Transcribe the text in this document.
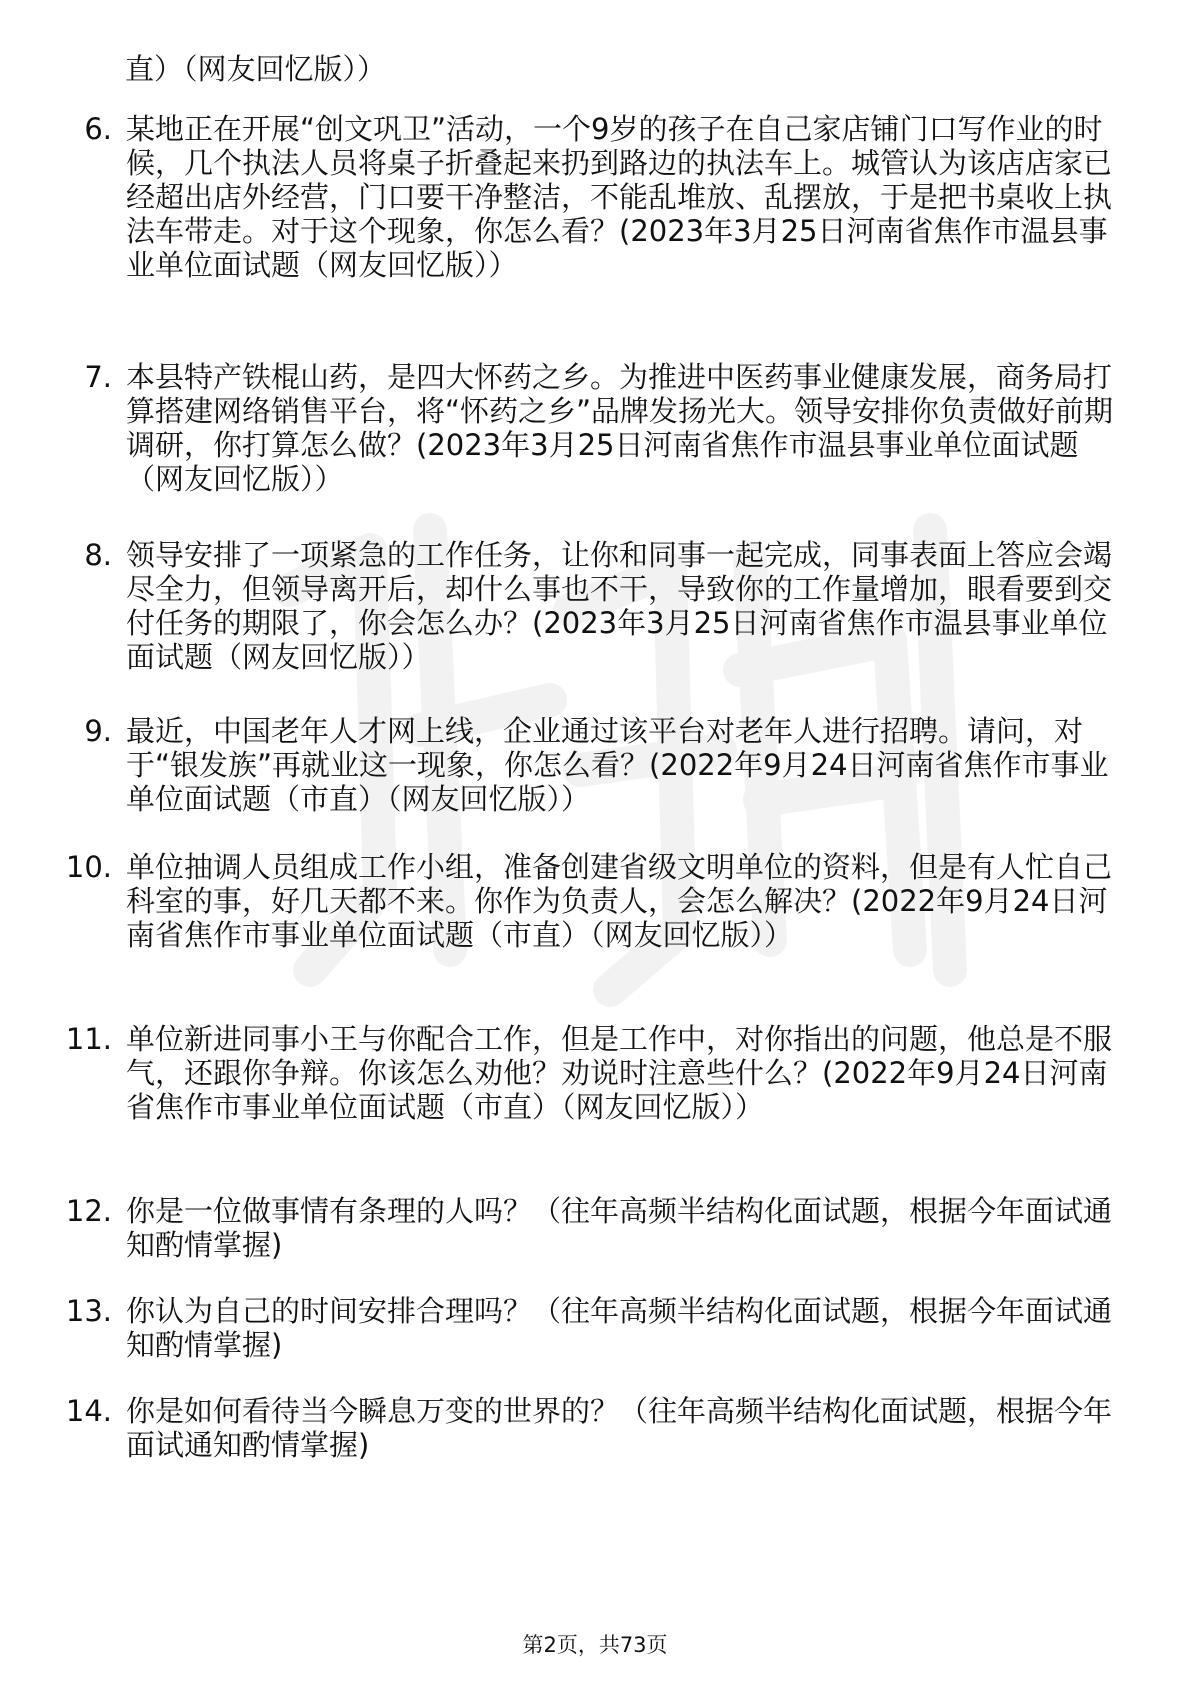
直）（网友回忆版））
6. 某地正在开展“创文巩卫”活动，一个9岁的孩子在自己家店铺门口写作业的时候，几个执法人员将桌子折叠起来扔到路边的执法车上。城管认为该店店家已经超出店外经营，门口要干净整洁，不能乱堆放、乱摆放，于是把书桌收上执法车带走。对于这个现象，你怎么看？(2023年3月25日河南省焦作市温县事业单位面试题（网友回忆版））
7. 本县特产铁棍山药，是四大怀药之乡。为推进中医药事业健康发展，商务局打算搭建网络销售平台，将“怀药之乡”品牌发扬光大。领导安排你负责做好前期调研，你打算怎么做？(2023年3月25日河南省焦作市温县事业单位面试题（网友回忆版））
8. 领导安排了一项紧急的工作任务，让你和同事一起完成，同事表面上答应会竭尽全力，但领导离开后，却什么事也不干，导致你的工作量增加，眼看要到交付任务的期限了，你会怎么办？(2023年3月25日河南省焦作市温县事业单位面试题（网友回忆版））
9. 最近，中国老年人才网上线，企业通过该平台对老年人进行招聘。请问，对于“银发族”再就业这一现象，你怎么看？(2022年9月24日河南省焦作市事业单位面试题（市直）（网友回忆版））
10. 单位抽调人员组成工作小组，准备创建省级文明单位的资料，但是有人忙自己科室的事，好几天都不来。你作为负责人，会怎么解决？(2022年9月24日河南省焦作市事业单位面试题（市直）（网友回忆版））
11. 单位新进同事小王与你配合工作，但是工作中，对你指出的问题，他总是不服气，还跟你争辩。你该怎么劝他？劝说时注意些什么？(2022年9月24日河南省焦作市事业单位面试题（市直）（网友回忆版））
12. 你是一位做事情有条理的人吗？（往年高频半结构化面试题，根据今年面试通知酌情掌握)
13. 你认为自己的时间安排合理吗？（往年高频半结构化面试题，根据今年面试通知酌情掌握)
14. 你是如何看待当今瞬息万变的世界的？（往年高频半结构化面试题，根据今年面试通知酌情掌握)
第2页，共73页
